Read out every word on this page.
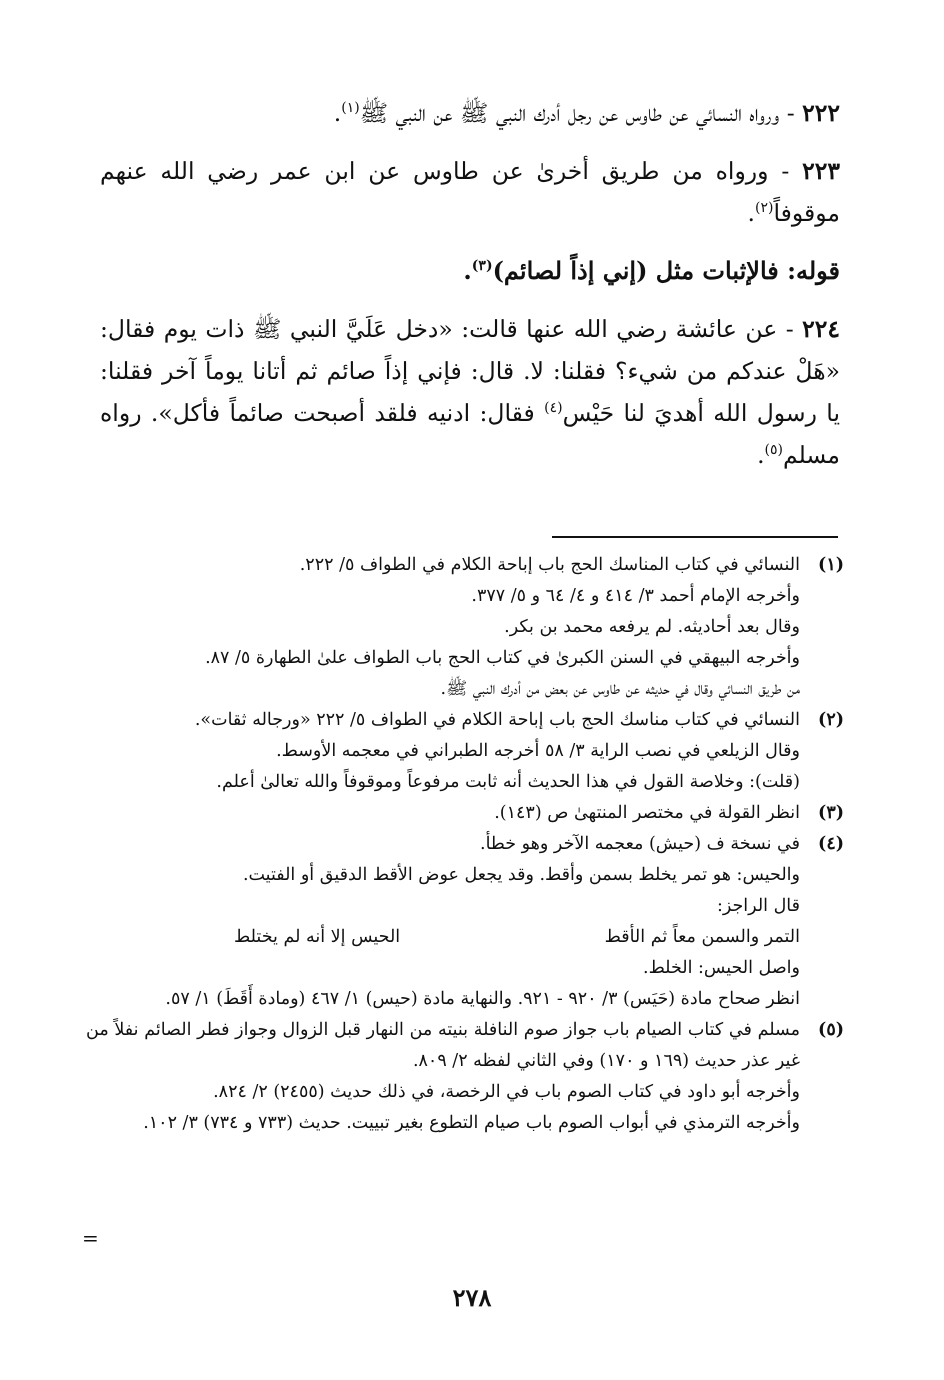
٢٢٢ - ورواه النسائي عن طاوس عن رجل أدرك النبي ﷺ عن النبي ﷺ$^{(١)}$.

٢٢٣ - ورواه من طريق أخرىٰ عن طاوس عن ابن عمر رضي الله عنهم موقوفاً$^{(٢)}$.

قوله: فالإثبات مثل (إني إذاً لصائم)$^{(٣)}$.

٢٢٤ - عن عائشة رضي الله عنها قالت: «دخل عَلَيَّ النبي ﷺ ذات يوم فقال: «هَلْ عندكم من شيء؟ فقلنا: لا. قال: فإني إذاً صائم ثم أتانا يوماً آخر فقلنا: يا رسول الله أهديَ لنا حَيْس$^{(٤)}$ فقال: ادنيه فلقد أصبحت صائماً فأكل». رواه مسلم$^{(٥)}$.

(١)
النسائي في كتاب المناسك الحج باب إباحة الكلام في الطواف ٥/ ٢٢٢.
وأخرجه الإمام أحمد ٣/ ٤١٤ و ٤/ ٦٤ و ٥/ ٣٧٧.
وقال بعد أحاديثه. لم يرفعه محمد بن بكر.
وأخرجه البيهقي في السنن الكبرىٰ في كتاب الحج باب الطواف علىٰ الطهارة ٥/ ٨٧.
من طريق النسائي وقال في حديثه عن طاوس عن بعض من أدرك النبي ﷺ.
(٢)
النسائي في كتاب مناسك الحج باب إباحة الكلام في الطواف ٥/ ٢٢٢ «ورجاله ثقات».
وقال الزيلعي في نصب الراية ٣/ ٥٨ أخرجه الطبراني في معجمه الأوسط.
(قلت): وخلاصة القول في هذا الحديث أنه ثابت مرفوعاً وموقوفاً والله تعالىٰ أعلم.
(٣)
انظر القولة في مختصر المنتهىٰ ص (١٤٣).
(٤)
في نسخة ف (حيش) معجمه الآخر وهو خطأ.
والحيس: هو تمر يخلط بسمن وأقط. وقد يجعل عوض الأقط الدقيق أو الفتيت.
قال الراجز:
التمر والسمن معاً ثم الأقط
الحيس إلا أنه لم يختلط
واصل الحيس: الخلط.
انظر صحاح مادة (حَيَس) ٣/ ٩٢٠ - ٩٢١. والنهاية مادة (حيس) ١/ ٤٦٧ (ومادة أَقَطَ) ١/ ٥٧.
(٥)
مسلم في كتاب الصيام باب جواز صوم النافلة بنيته من النهار قبل الزوال وجواز فطر الصائم نفلاً من غير عذر حديث (١٦٩ و ١٧٠) وفي الثاني لفظه ٢/ ٨٠٩.
وأخرجه أبو داود في كتاب الصوم باب في الرخصة، في ذلك حديث (٢٤٥٥) ٢/ ٨٢٤.
وأخرجه الترمذي في أبواب الصوم باب صيام التطوع بغير تبييت. حديث (٧٣٣ و ٧٣٤) ٣/ ١٠٢.
=
٢٧٨
